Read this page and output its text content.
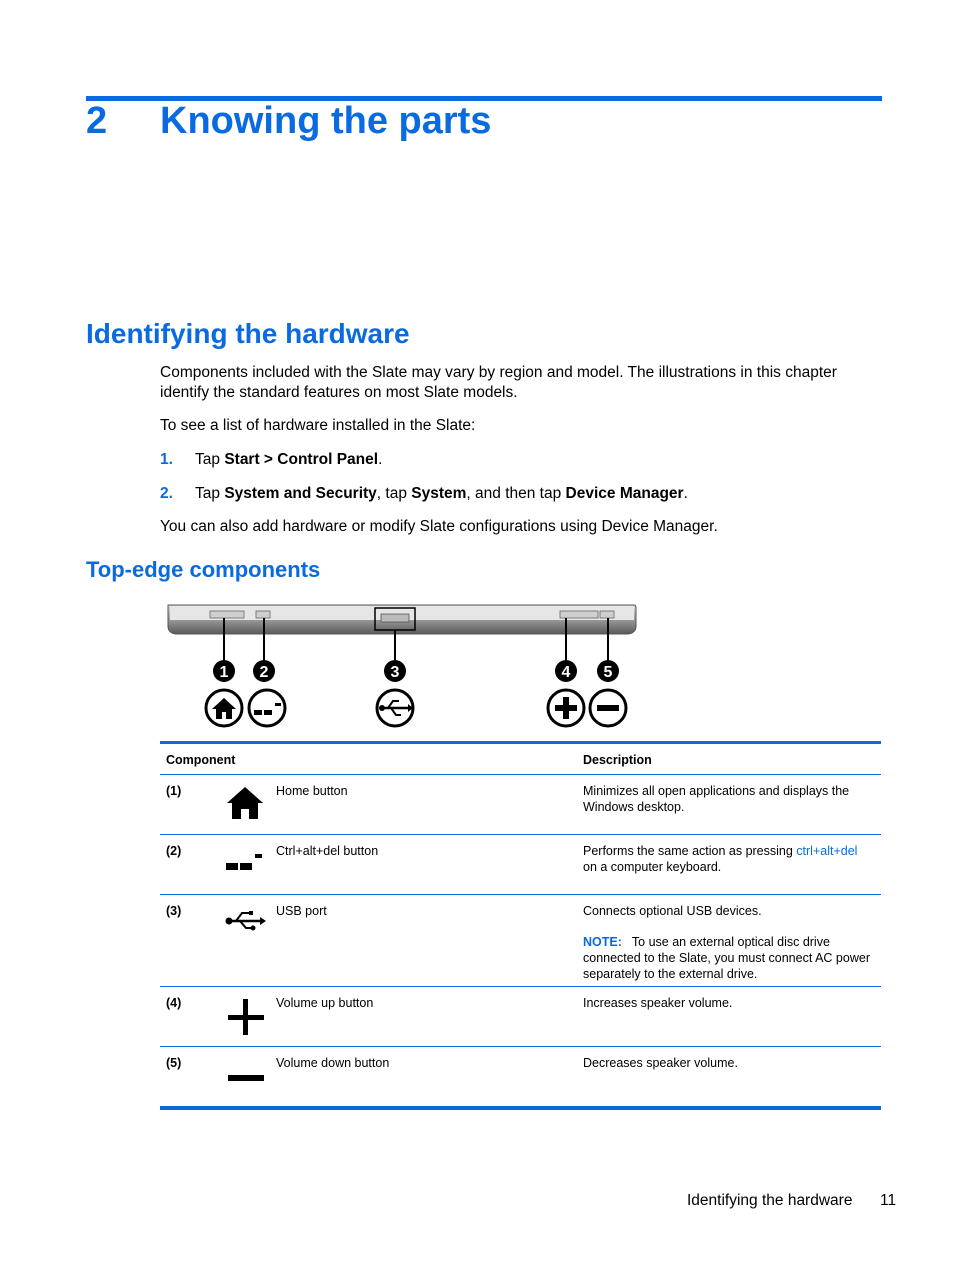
2 Knowing the parts
Identifying the hardware
Components included with the Slate may vary by region and model. The illustrations in this chapter identify the standard features on most Slate models.
To see a list of hardware installed in the Slate:
1. Tap Start > Control Panel.
2. Tap System and Security, tap System, and then tap Device Manager.
You can also add hardware or modify Slate configurations using Device Manager.
Top-edge components
1 2	3	4 5
Component	Description
(1)	Home button	Minimizes all open applications and displays the Windows desktop.
(2)	Ctrl+alt+del button	Performs the same action as pressing ctrl+alt+del on a computer keyboard.
(3)	USB port	Connects optional USB devices.
NOTE: To use an external optical disc drive connected to the Slate, you must connect AC power separately to the external drive.
(4)	Volume up button	Increases speaker volume.
(5)	Volume down button	Decreases speaker volume.
Identifying the hardware 11
